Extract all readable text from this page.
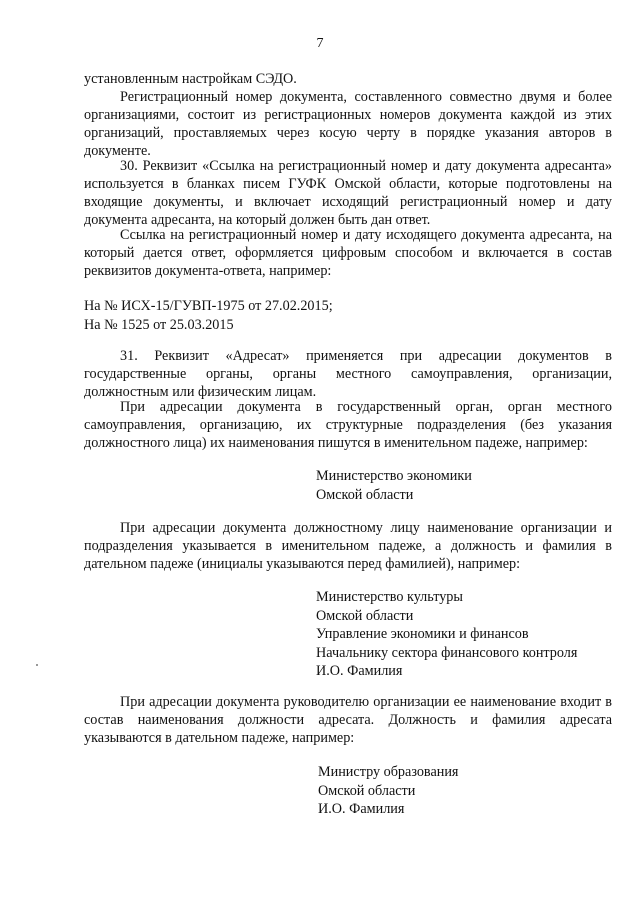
7

установленным настройкам СЭДО.

Регистрационный номер документа, составленного совместно двумя и более организациями, состоит из регистрационных номеров документа каждой из этих организаций, проставляемых через косую черту в порядке указания авторов в документе.

30. Реквизит «Ссылка на регистрационный номер и дату документа адресанта» используется в бланках писем ГУФК Омской области, которые подготовлены на входящие документы, и включает исходящий регистрационный номер и дату документа адресанта, на который должен быть дан ответ.

Ссылка на регистрационный номер и дату исходящего документа адресанта, на который дается ответ, оформляется цифровым способом и включается в состав реквизитов документа-ответа, например:

На № ИСХ-15/ГУВП-1975 от 27.02.2015;
На № 1525 от 25.03.2015

31. Реквизит «Адресат» применяется при адресации документов в государственные органы, органы местного самоуправления, организации, должностным или физическим лицам.

При адресации документа в государственный орган, орган местного самоуправления, организацию, их структурные подразделения (без указания должностного лица) их наименования пишутся в именительном падеже, например:

Министерство экономики
Омской области

При адресации документа должностному лицу наименование организации и подразделения указывается в именительном падеже, а должность и фамилия в дательном падеже (инициалы указываются перед фамилией), например:

Министерство культуры
Омской области
Управление экономики и финансов
Начальнику сектора финансового контроля
И.О. Фамилия

При адресации документа руководителю организации ее наименование входит в состав наименования должности адресата. Должность и фамилия адресата указываются в дательном падеже, например:

Министру образования
Омской области
И.О. Фамилия
